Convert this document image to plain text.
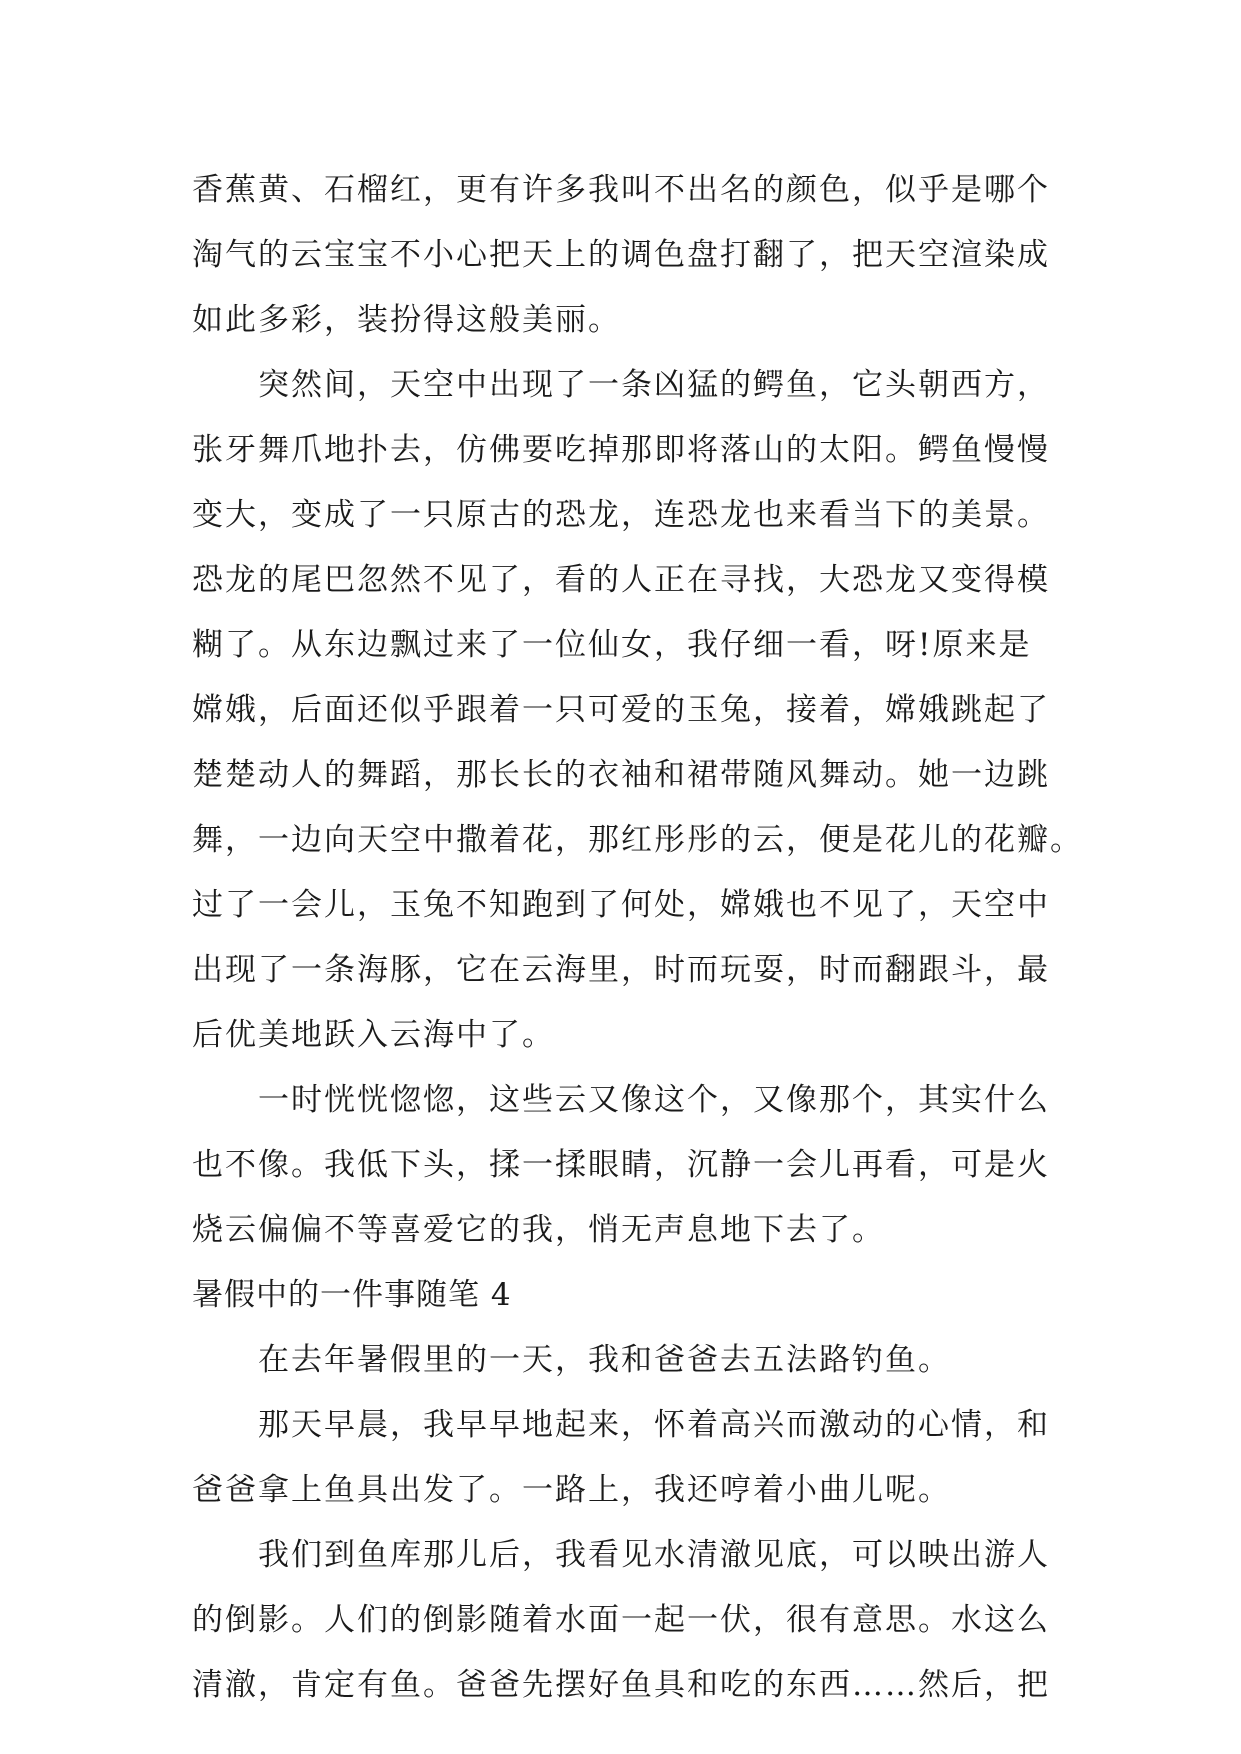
香蕉黄、石榴红，更有许多我叫不出名的颜色，似乎是哪个
淘气的云宝宝不小心把天上的调色盘打翻了，把天空渲染成
如此多彩，装扮得这般美丽。
突然间，天空中出现了一条凶猛的鳄鱼，它头朝西方，
张牙舞爪地扑去，仿佛要吃掉那即将落山的太阳。鳄鱼慢慢
变大，变成了一只原古的恐龙，连恐龙也来看当下的美景。
恐龙的尾巴忽然不见了，看的人正在寻找，大恐龙又变得模
糊了。从东边飘过来了一位仙女，我仔细一看，呀!原来是
嫦娥，后面还似乎跟着一只可爱的玉兔，接着，嫦娥跳起了
楚楚动人的舞蹈，那长长的衣袖和裙带随风舞动。她一边跳
舞，一边向天空中撒着花，那红彤彤的云，便是花儿的花瓣。
过了一会儿，玉兔不知跑到了何处，嫦娥也不见了，天空中
出现了一条海豚，它在云海里，时而玩耍，时而翻跟斗，最
后优美地跃入云海中了。
一时恍恍惚惚，这些云又像这个，又像那个，其实什么
也不像。我低下头，揉一揉眼睛，沉静一会儿再看，可是火
烧云偏偏不等喜爱它的我，悄无声息地下去了。
暑假中的一件事随笔 4
在去年暑假里的一天，我和爸爸去五法路钓鱼。
那天早晨，我早早地起来，怀着高兴而激动的心情，和
爸爸拿上鱼具出发了。一路上，我还哼着小曲儿呢。
我们到鱼库那儿后，我看见水清澈见底，可以映出游人
的倒影。人们的倒影随着水面一起一伏，很有意思。水这么
清澈，肯定有鱼。爸爸先摆好鱼具和吃的东西……然后，把
